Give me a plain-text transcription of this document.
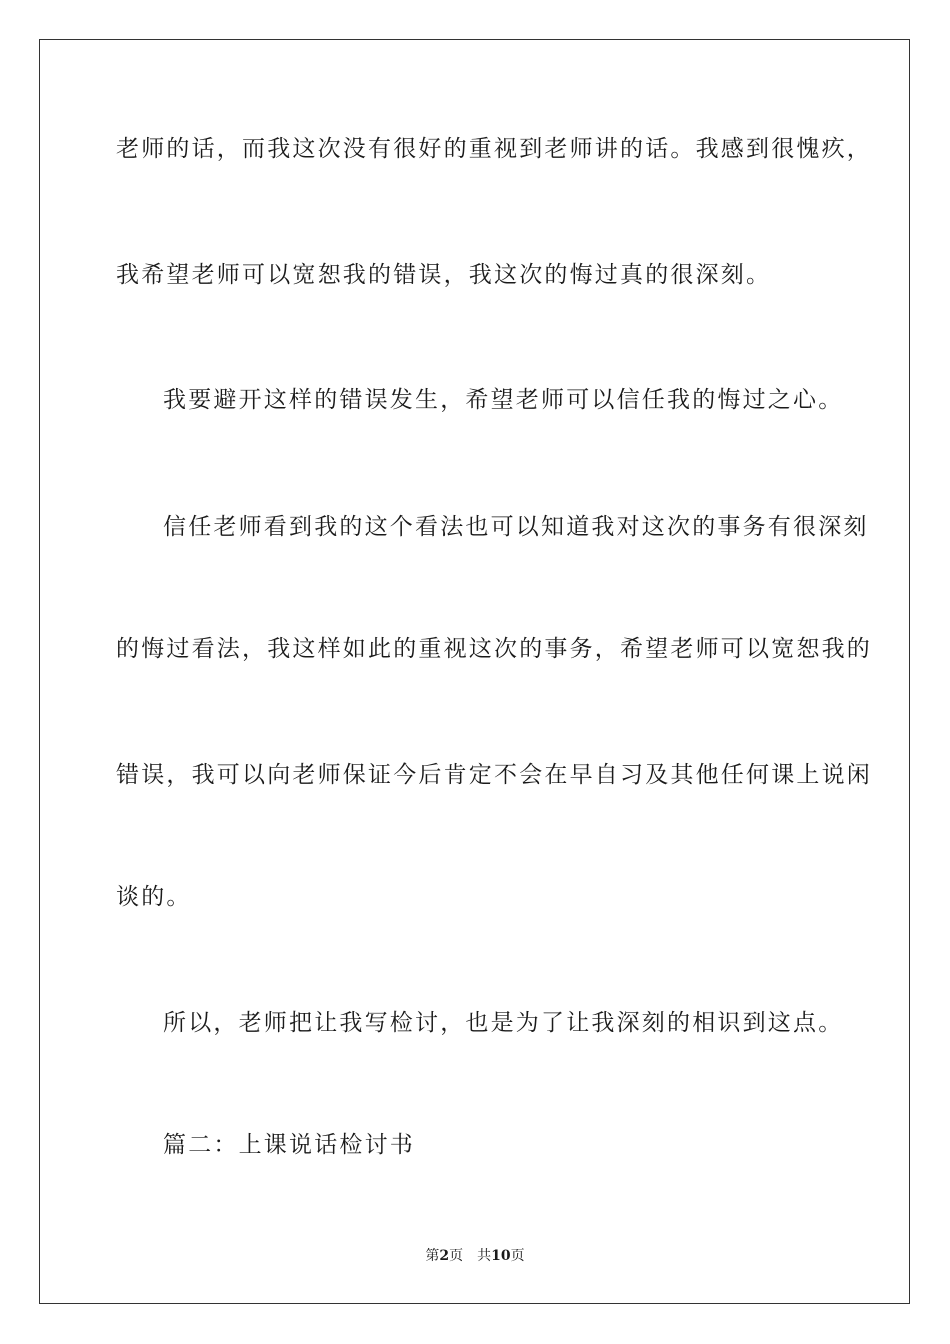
老师的话，而我这次没有很好的重视到老师讲的话。我感到很愧疚，
我希望老师可以宽恕我的错误，我这次的悔过真的很深刻。
我要避开这样的错误发生，希望老师可以信任我的悔过之心。
信任老师看到我的这个看法也可以知道我对这次的事务有很深刻
的悔过看法，我这样如此的重视这次的事务，希望老师可以宽恕我的
错误，我可以向老师保证今后肯定不会在早自习及其他任何课上说闲
谈的。
所以，老师把让我写检讨，也是为了让我深刻的相识到这点。
篇二：上课说话检讨书
第2页 共10页
